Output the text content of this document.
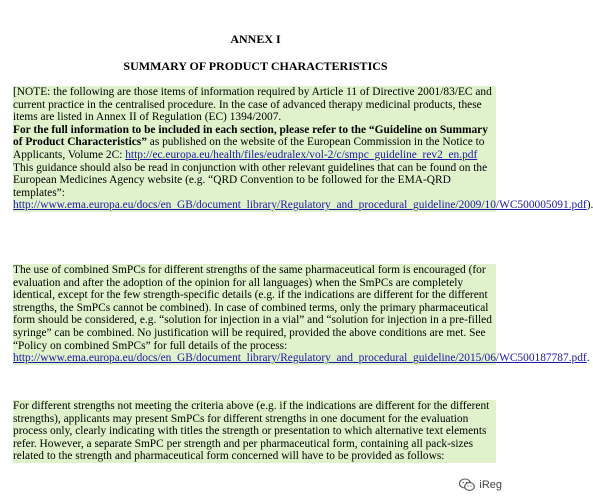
ANNEX I

SUMMARY OF PRODUCT CHARACTERISTICS

[NOTE: the following are those items of information required by Article 11 of Directive 2001/83/EC and current practice in the centralised procedure. In the case of advanced therapy medicinal products, these items are listed in Annex II of Regulation (EC) 1394/2007.
For the full information to be included in each section, please refer to the “Guideline on Summary of Product Characteristics” as published on the website of the European Commission in the Notice to Applicants, Volume 2C: http://ec.europa.eu/health/files/eudralex/vol-2/c/smpc_guideline_rev2_en.pdf
This guidance should also be read in conjunction with other relevant guidelines that can be found on the European Medicines Agency website (e.g. “QRD Convention to be followed for the EMA-QRD templates”: http://www.ema.europa.eu/docs/en_GB/document_library/Regulatory_and_procedural_guideline/2009/10/WC500005091.pdf).
The use of combined SmPCs for different strengths of the same pharmaceutical form is encouraged (for evaluation and after the adoption of the opinion for all languages) when the SmPCs are completely identical, except for the few strength-specific details (e.g. if the indications are different for the different strengths, the SmPCs cannot be combined). In case of combined terms, only the primary pharmaceutical form should be considered, e.g. “solution for injection in a vial” and “solution for injection in a pre-filled syringe” can be combined. No justification will be required, provided the above conditions are met. See “Policy on combined SmPCs” for full details of the process: http://www.ema.europa.eu/docs/en_GB/document_library/Regulatory_and_procedural_guideline/2015/06/WC500187787.pdf.
For different strengths not meeting the criteria above (e.g. if the indications are different for the different strengths), applicants may present SmPCs for different strengths in one document for the evaluation process only, clearly indicating with titles the strength or presentation to which alternative text elements refer. However, a separate SmPC per strength and per pharmaceutical form, containing all pack-sizes related to the strength and pharmaceutical form concerned will have to be provided as follows:
iReg
